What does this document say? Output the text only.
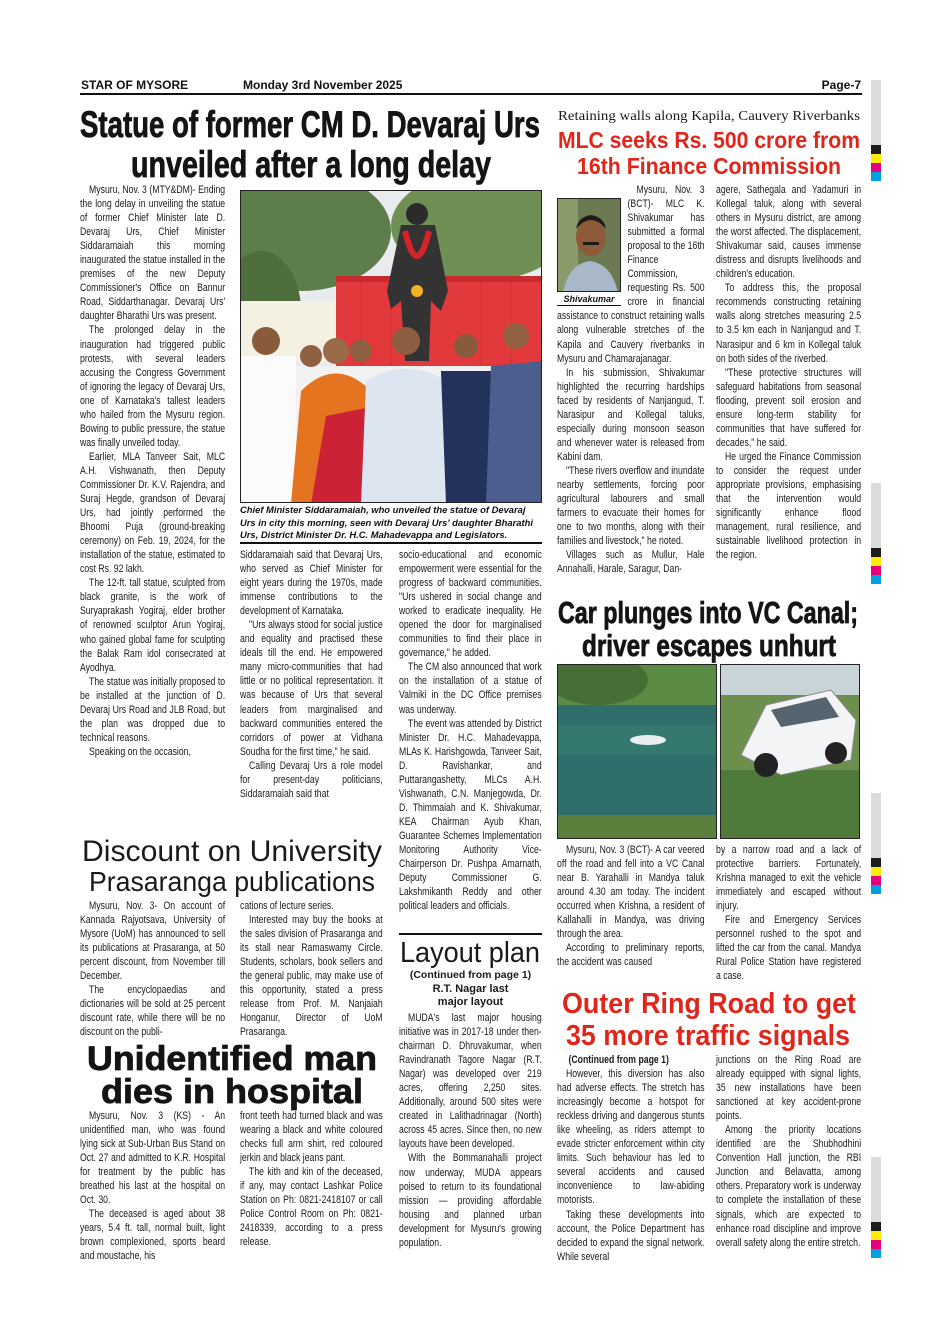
STAR OF MYSORE	Monday 3rd November 2025	Page-7
Statue of former CM D. Devaraj Urs
unveiled after a long delay

Mysuru, Nov. 3 (MTY&DM)- Ending the long delay in unveiling the statue of former Chief Minister late D. Devaraj Urs, Chief Minister Siddaramaiah this morning inaugurated the statue installed in the premises of the new Deputy Commissioner's Office on Bannur Road, Siddarthanagar. Devaraj Urs' daughter Bharathi Urs was present.

The prolonged delay in the inauguration had triggered public protests, with several leaders accusing the Congress Government of ignoring the legacy of Devaraj Urs, one of Karnataka's tallest leaders who hailed from the Mysuru region. Bowing to public pressure, the statue was finally unveiled today.

Earlier, MLA Tanveer Sait, MLC A.H. Vishwanath, then Deputy Commissioner Dr. K.V. Rajendra, and Suraj Hegde, grandson of Devaraj Urs, had jointly performed the Bhoomi Puja (ground-breaking ceremony) on Feb. 19, 2024, for the installation of the statue, estimated to cost Rs. 92 lakh.

The 12-ft. tall statue, sculpted from black granite, is the work of Suryaprakash Yogiraj, elder brother of renowned sculptor Arun Yogiraj, who gained global fame for sculpting the Balak Ram idol consecrated at Ayodhya.

The statue was initially proposed to be installed at the junction of D. Devaraj Urs Road and JLB Road, but the plan was dropped due to technical reasons.

Speaking on the occasion,

Chief Minister Siddaramaiah, who unveiled the statue of Devaraj Urs in city this morning, seen with Devaraj Urs' daughter Bharathi Urs, District Minister Dr. H.C. Mahadevappa and Legislators.

Siddaramaiah said that Devaraj Urs, who served as Chief Minister for eight years during the 1970s, made immense contributions to the development of Karnataka.

"Urs always stood for social justice and equality and practised these ideals till the end. He empowered many micro-communities that had little or no political representation. It was because of Urs that several leaders from marginalised and backward communities entered the corridors of power at Vidhana Soudha for the first time," he said.

Calling Devaraj Urs a role model for present-day politicians, Siddaramaiah said that

socio-educational and economic empowerment were essential for the progress of backward communities. "Urs ushered in social change and worked to eradicate inequality. He opened the door for marginalised communities to find their place in governance," he added.

The CM also announced that work on the installation of a statue of Valmiki in the DC Office premises was underway.

The event was attended by District Minister Dr. H.C. Mahadevappa, MLAs K. Harishgowda, Tanveer Sait, D. Ravishankar, and Puttarangashetty, MLCs A.H. Vishwanath, C.N. Manjegowda, Dr. D. Thimmaiah and K. Shivakumar, KEA Chairman Ayub Khan, Guarantee Schemes Implementation Monitoring Authority Vice-Chairperson Dr. Pushpa Amarnath, Deputy Commissioner G. Lakshmikanth Reddy and other political leaders and officials.

Discount on University
Prasaranga publications

Mysuru, Nov. 3- On account of Kannada Rajyotsava, University of Mysore (UoM) has announced to sell its publications at Prasaranga, at 50 percent discount, from November till December.

The encyclopaedias and dictionaries will be sold at 25 percent discount rate, while there will be no discount on the publi-

cations of lecture series.

Interested may buy the books at the sales division of Prasaranga and its stall near Ramaswamy Circle. Students, scholars, book sellers and the general public, may make use of this opportunity, stated a press release from Prof. M. Nanjaiah Honganur, Director of UoM Prasaranga.

Unidentified man
dies in hospital

Mysuru, Nov. 3 (KS) - An unidentified man, who was found lying sick at Sub-Urban Bus Stand on Oct. 27 and admitted to K.R. Hospital for treatment by the public has breathed his last at the hospital on Oct. 30.

The deceased is aged about 38 years, 5.4 ft. tall, normal built, light brown complexioned, sports beard and moustache, his

front teeth had turned black and was wearing a black and white coloured checks full arm shirt, red coloured jerkin and black jeans pant.

The kith and kin of the deceased, if any, may contact Lashkar Police Station on Ph: 0821-2418107 or call Police Control Room on Ph: 0821-2418339, according to a press release.

Layout plan
(Continued from page 1)
R.T. Nagar last
major layout

MUDA's last major housing initiative was in 2017-18 under then-chairman D. Dhruvakumar, when Ravindranath Tagore Nagar (R.T. Nagar) was developed over 219 acres, offering 2,250 sites. Additionally, around 500 sites were created in Lalithadrinagar (North) across 45 acres. Since then, no new layouts have been developed.

With the Bommanahalli project now underway, MUDA appears poised to return to its foundational mission — providing affordable housing and planned urban development for Mysuru's growing population.

Retaining walls along Kapila, Cauvery Riverbanks
MLC seeks Rs. 500 crore from
16th Finance Commission
Shivakumar

Mysuru, Nov. 3 (BCT)- MLC K. Shivakumar has submitted a formal proposal to the 16th Finance Commission, requesting Rs. 500 crore in financial assistance to construct retaining walls along vulnerable stretches of the Kapila and Cauvery riverbanks in Mysuru and Chamarajanagar.

In his submission, Shivakumar highlighted the recurring hardships faced by residents of Nanjangud, T. Narasipur and Kollegal taluks, especially during monsoon season and whenever water is released from Kabini dam.

"These rivers overflow and inundate nearby settlements, forcing poor agricultural labourers and small farmers to evacuate their homes for one to two months, along with their families and livestock," he noted.

Villages such as Mullur, Hale Annahalli, Harale, Saragur, Dan-

agere, Sathegala and Yadamuri in Kollegal taluk, along with several others in Mysuru district, are among the worst affected. The displacement, Shivakumar said, causes immense distress and disrupts livelihoods and children's education.

To address this, the proposal recommends constructing retaining walls along stretches measuring 2.5 to 3.5 km each in Nanjangud and T. Narasipur and 6 km in Kollegal taluk on both sides of the riverbed.

"These protective structures will safeguard habitations from seasonal flooding, prevent soil erosion and ensure long-term stability for communities that have suffered for decades," he said.

He urged the Finance Commission to consider the request under appropriate provisions, emphasising that the intervention would significantly enhance flood management, rural resilience, and sustainable livelihood protection in the region.

Car plunges into VC Canal;
driver escapes unhurt

Mysuru, Nov. 3 (BCT)- A car veered off the road and fell into a VC Canal near B. Yarahalli in Mandya taluk around 4.30 am today. The incident occurred when Krishna, a resident of Kallahalli in Mandya, was driving through the area.

According to preliminary reports, the accident was caused

by a narrow road and a lack of protective barriers. Fortunately, Krishna managed to exit the vehicle immediately and escaped without injury.

Fire and Emergency Services personnel rushed to the spot and lifted the car from the canal. Mandya Rural Police Station have registered a case.

Outer Ring Road to get
35 more traffic signals

(Continued from page 1)

However, this diversion has also had adverse effects. The stretch has increasingly become a hotspot for reckless driving and dangerous stunts like wheeling, as riders attempt to evade stricter enforcement within city limits. Such behaviour has led to several accidents and caused inconvenience to law-abiding motorists.

Taking these developments into account, the Police Department has decided to expand the signal network. While several

junctions on the Ring Road are already equipped with signal lights, 35 new installations have been sanctioned at key accident-prone points.

Among the priority locations identified are the Shubhodhini Convention Hall junction, the RBI Junction and Belavatta, among others. Preparatory work is underway to complete the installation of these signals, which are expected to enhance road discipline and improve overall safety along the entire stretch.
